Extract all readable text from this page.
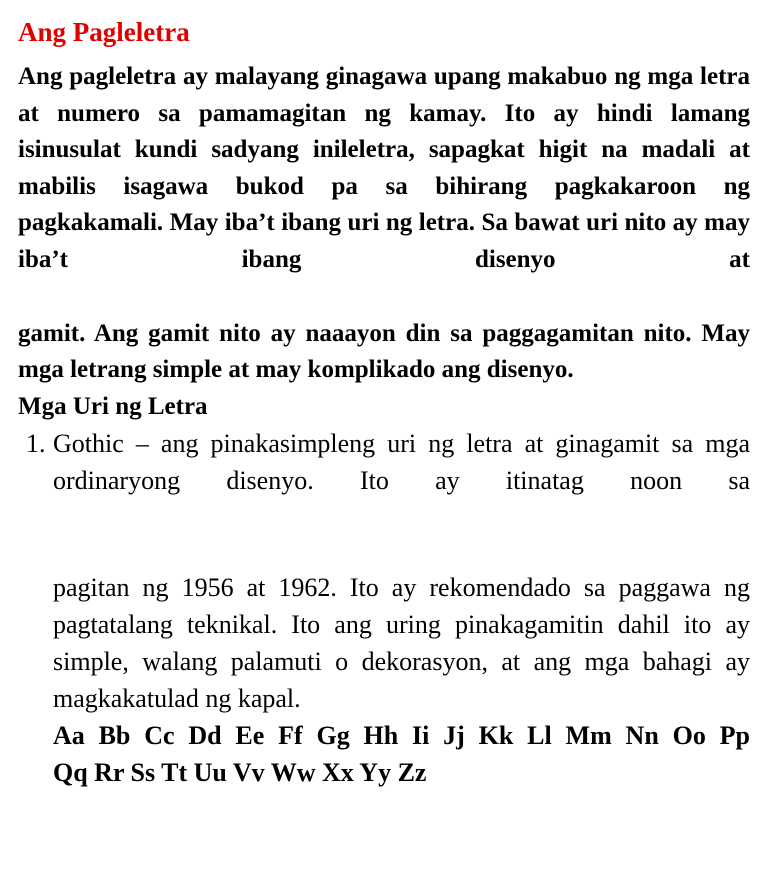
Ang Pagleletra

Ang pagleletra ay malayang ginagawa upang makabuo ng mga letra at numero sa pamamagitan ng kamay. Ito ay hindi lamang isinusulat kundi sadyang inileletra, sapagkat higit na madali at mabilis isagawa bukod pa sa bihirang pagkakaroon ng pagkakamali. May iba’t ibang uri ng letra. Sa bawat uri nito ay may iba’t ibang disenyo at

gamit. Ang gamit nito ay naaayon din sa paggagamitan nito. May mga letrang simple at may komplikado ang disenyo.

Mga Uri ng Letra
1. Gothic – ang pinakasimpleng uri ng letra at ginagamit sa mga ordinaryong disenyo. Ito ay itinatag noon sa

pagitan ng 1956 at 1962. Ito ay rekomendado sa paggawa ng pagtatalang teknikal. Ito ang uring pinakagamitin dahil ito ay simple, walang palamuti o dekorasyon, at ang mga bahagi ay magkakatulad ng kapal.

Aa Bb Cc Dd Ee Ff Gg Hh Ii Jj Kk Ll Mm Nn Oo Pp
Qq Rr Ss Tt Uu Vv Ww Xx Yy Zz
